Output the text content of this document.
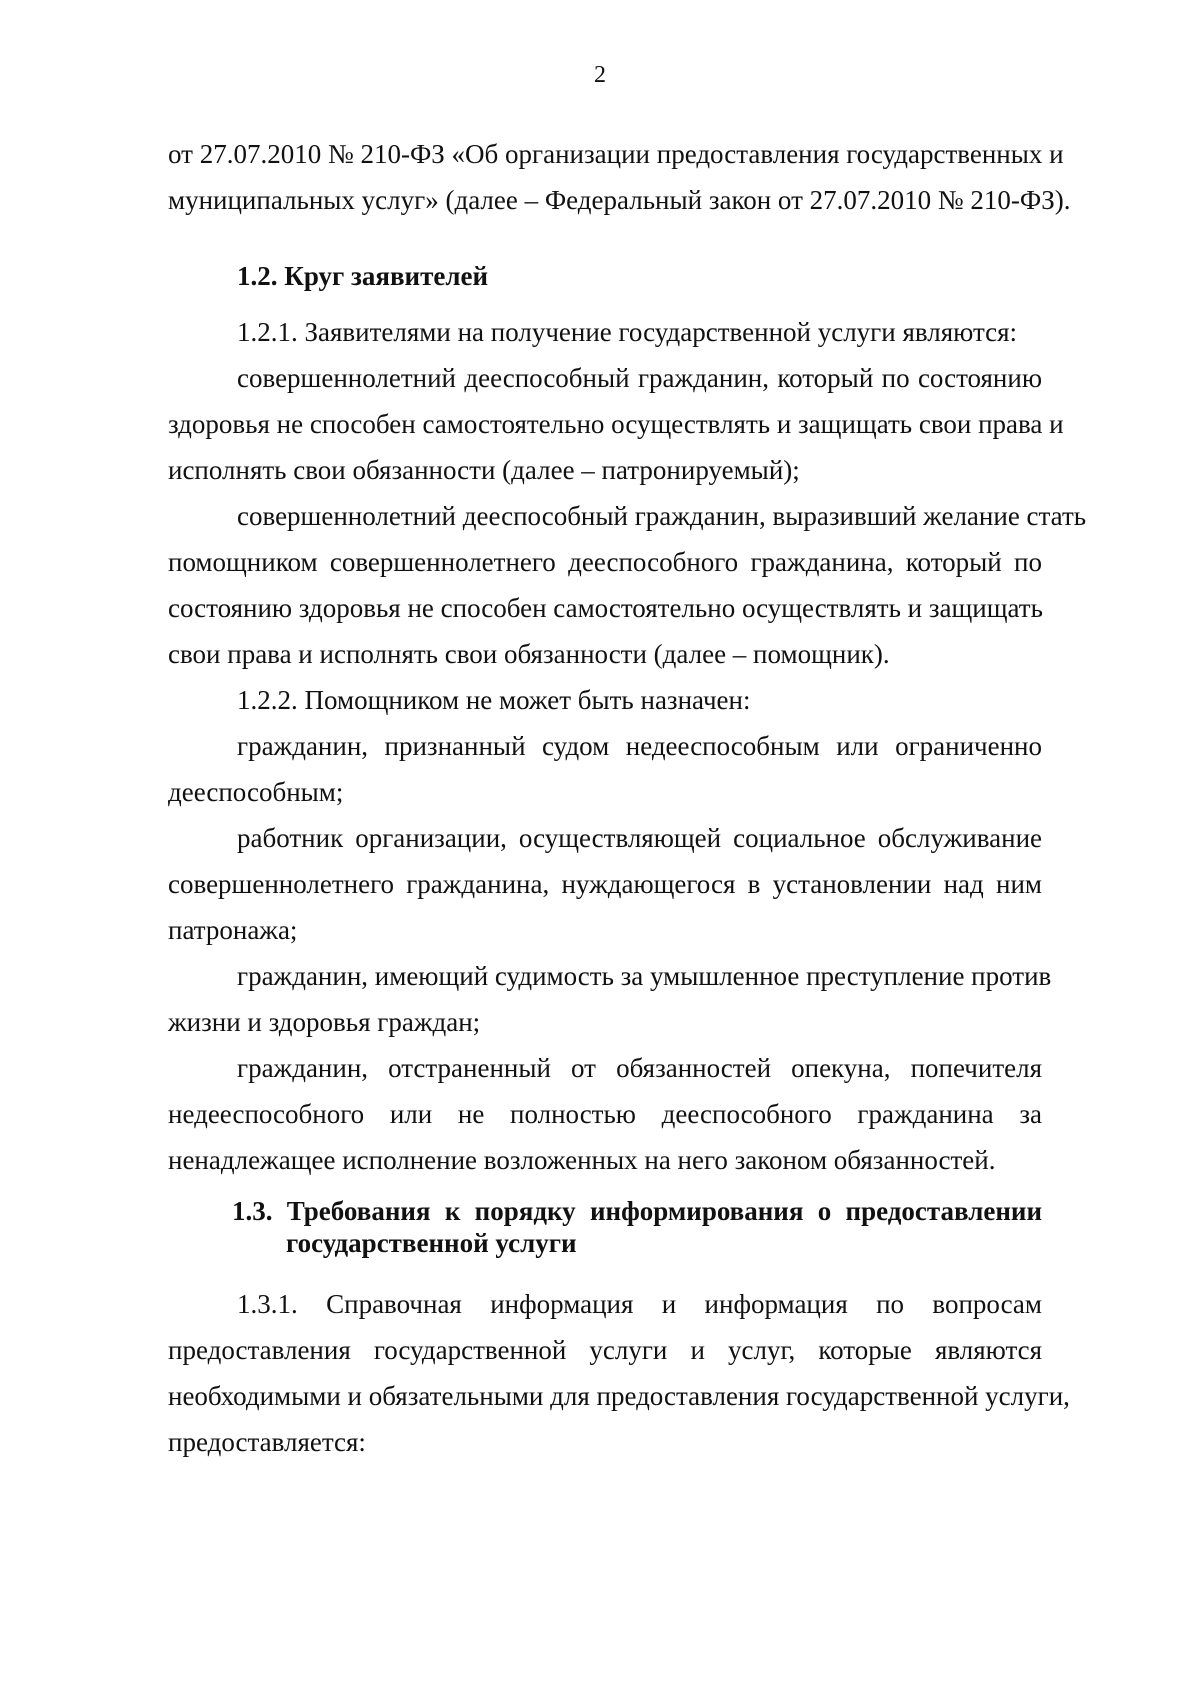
2
от 27.07.2010 № 210-ФЗ «Об организации предоставления государственных и
муниципальных услуг» (далее – Федеральный закон от 27.07.2010 № 210-ФЗ).
1.2. Круг заявителей
1.2.1. Заявителями на получение государственной услуги являются:
совершеннолетний дееспособный гражданин, который по состоянию
здоровья не способен самостоятельно осуществлять и защищать свои права и
исполнять свои обязанности (далее – патронируемый);
совершеннолетний дееспособный гражданин, выразивший желание стать
помощником совершеннолетнего дееспособного гражданина, который по
состоянию здоровья не способен самостоятельно осуществлять и защищать
свои права и исполнять свои обязанности (далее – помощник).
1.2.2. Помощником не может быть назначен:
гражданин, признанный судом недееспособным или ограниченно
дееспособным;
работник организации, осуществляющей социальное обслуживание
совершеннолетнего гражданина, нуждающегося в установлении над ним
патронажа;
гражданин, имеющий судимость за умышленное преступление против
жизни и здоровья граждан;
гражданин, отстраненный от обязанностей опекуна, попечителя
недееспособного или не полностью дееспособного гражданина за
ненадлежащее исполнение возложенных на него законом обязанностей.
1.3. Требования к порядку информирования о предоставлении
государственной услуги
1.3.1. Справочная информация и информация по вопросам
предоставления государственной услуги и услуг, которые являются
необходимыми и обязательными для предоставления государственной услуги,
предоставляется:
